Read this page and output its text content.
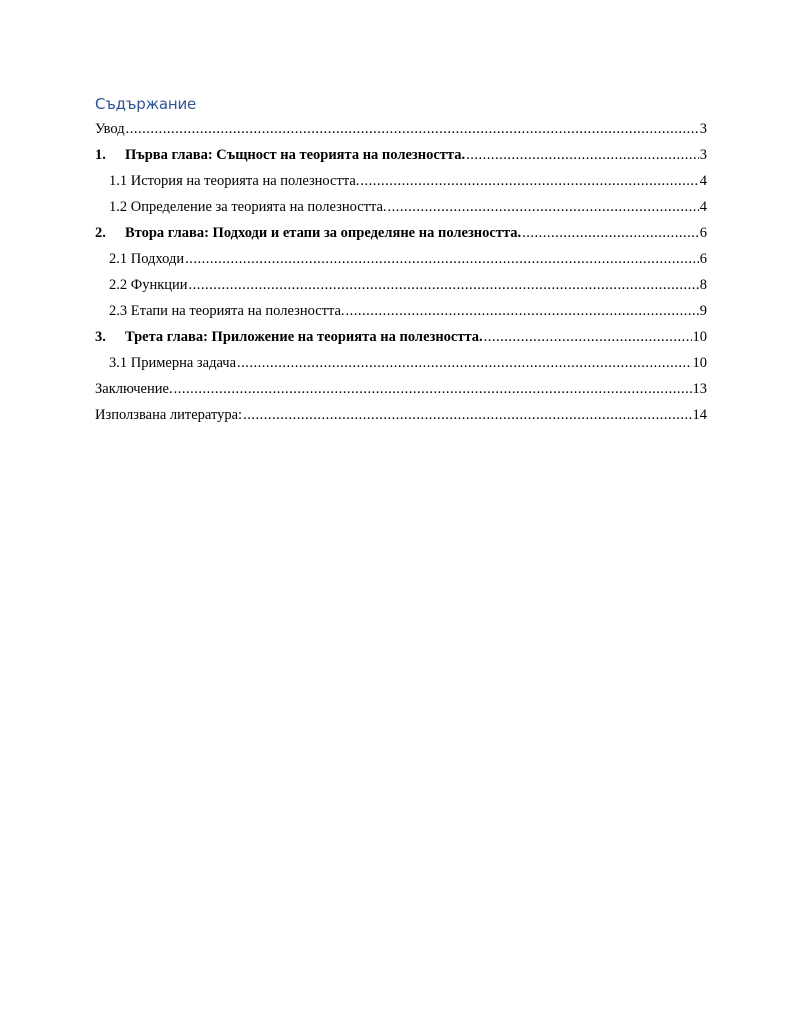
Съдържание
Увод .....	3
1.	Първа глава: Същност на теорията на полезността. .....	3
1.1 История на теорията на полезността. .....	4
1.2 Определение за теорията на полезността. .....	4
2.	Втора глава: Подходи и етапи за определяне на полезността. .....	6
2.1 Подходи .....	6
2.2 Функции .....	8
2.3 Етапи на теорията на полезността. .....	9
3.	Трета глава: Приложение на теорията на полезността. .....	10
3.1 Примерна задача .....	10
Заключение. .....	13
Използвана литература: .....	14
